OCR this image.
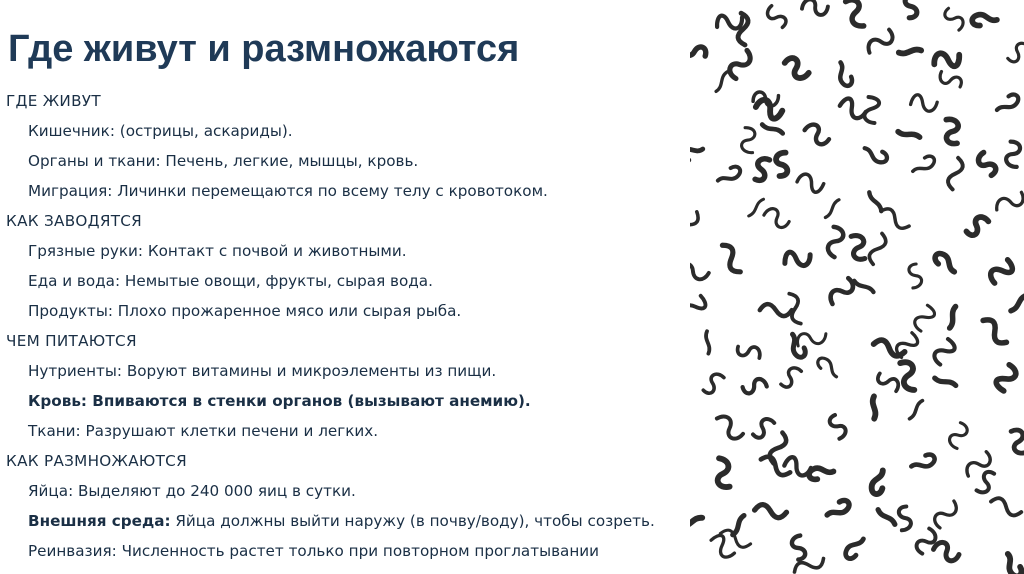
Где живут и размножаются
ГДЕ ЖИВУТ
Кишечник: (острицы, аскариды).
Органы и ткани: Печень, легкие, мышцы, кровь.
Миграция: Личинки перемещаются по всему телу с кровотоком.
КАК ЗАВОДЯТСЯ
Грязные руки: Контакт с почвой и животными.
Еда и вода: Немытые овощи, фрукты, сырая вода.
Продукты: Плохо прожаренное мясо или сырая рыба.
ЧЕМ ПИТАЮТСЯ
Нутриенты: Воруют витамины и микроэлементы из пищи.
Кровь: Впиваются в стенки органов (вызывают анемию).
Ткани: Разрушают клетки печени и легких.
КАК РАЗМНОЖАЮТСЯ
Яйца: Выделяют до 240 000 яиц в сутки.
Внешняя среда: Яйца должны выйти наружу (в почву/воду), чтобы созреть.
Реинвазия: Численность растет только при повторном проглатывании
